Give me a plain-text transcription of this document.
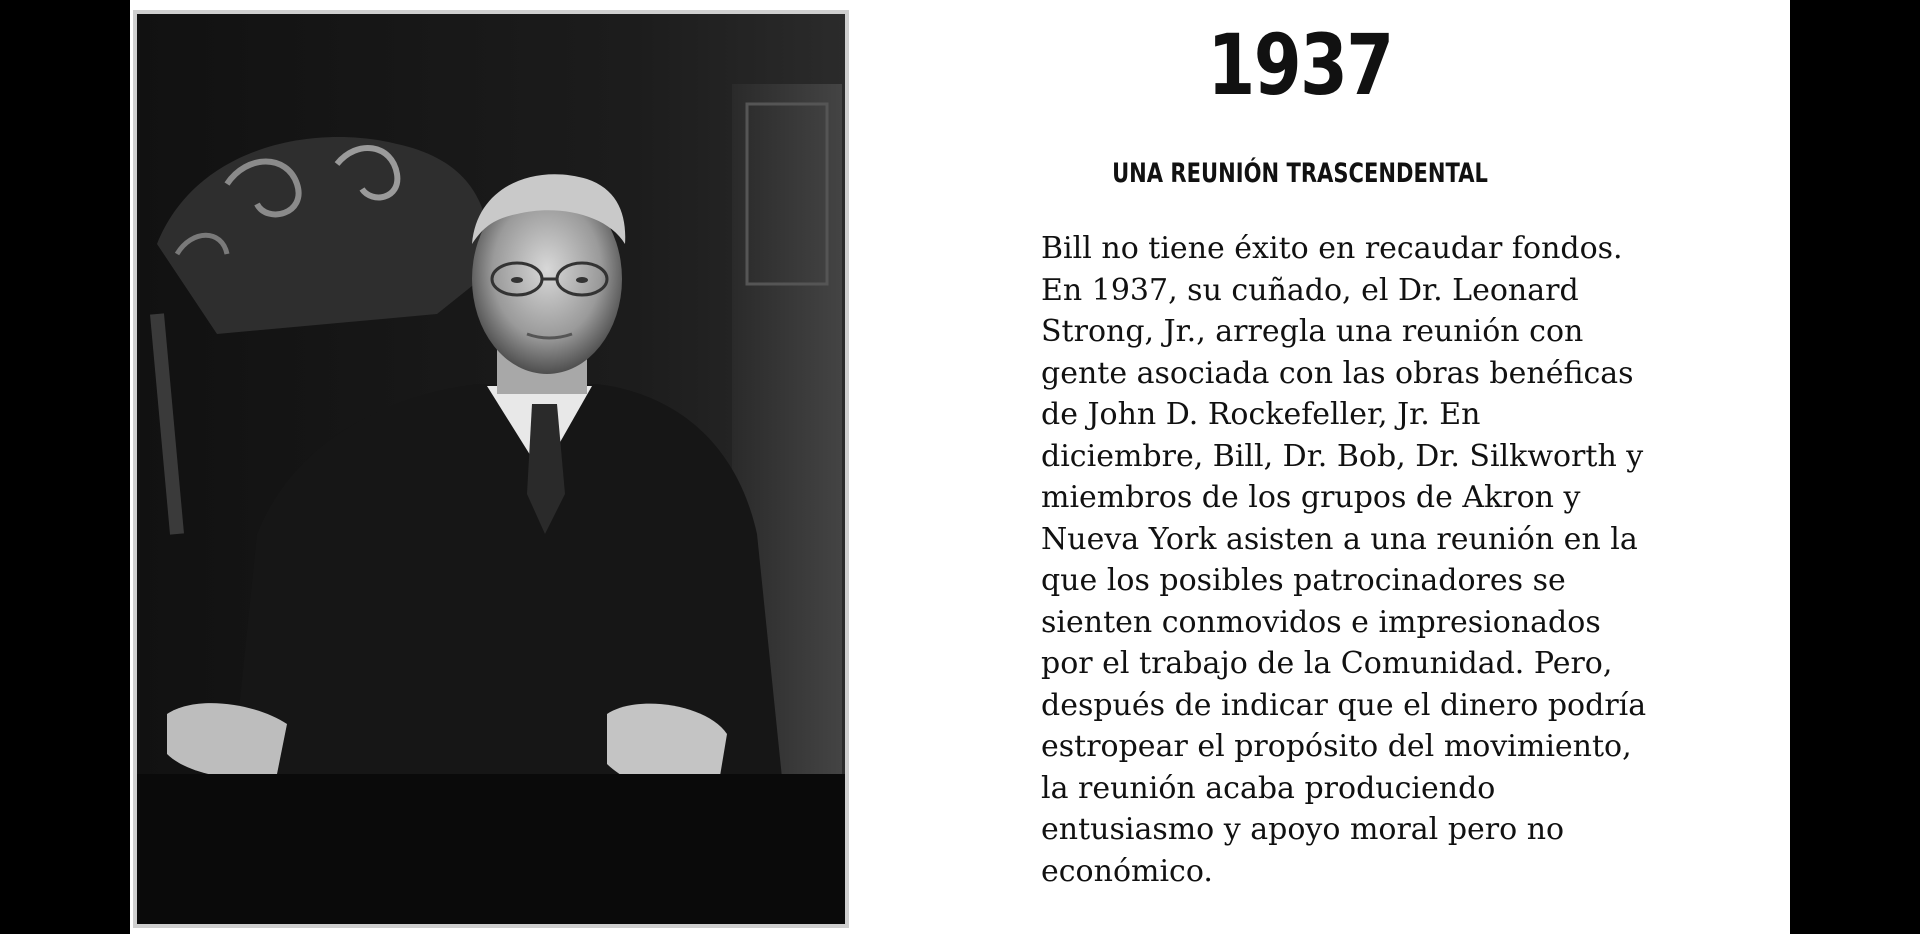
1937
UNA REUNIÓN TRASCENDENTAL
Bill no tiene éxito en recaudar fondos.
En 1937, su cuñado, el Dr. Leonard
Strong, Jr., arregla una reunión con
gente asociada con las obras benéficas
de John D. Rockefeller, Jr. En
diciembre, Bill, Dr. Bob, Dr. Silkworth y
miembros de los grupos de Akron y
Nueva York asisten a una reunión en la
que los posibles patrocinadores se
sienten conmovidos e impresionados
por el trabajo de la Comunidad. Pero,
después de indicar que el dinero podría
estropear el propósito del movimiento,
la reunión acaba produciendo
entusiasmo y apoyo moral pero no
económico.
